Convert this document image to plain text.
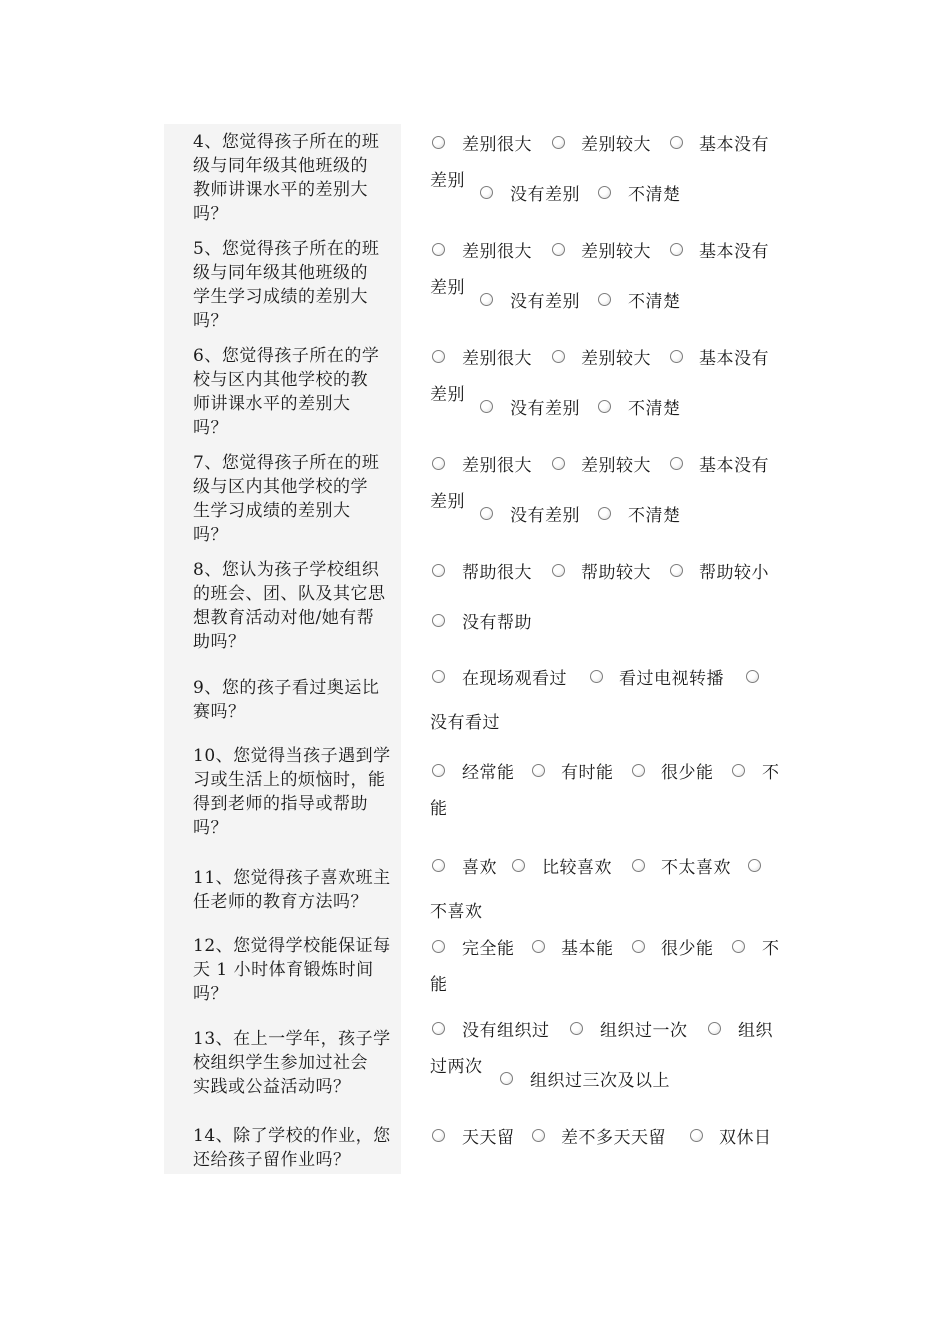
4、您觉得孩子所在的班
级与同年级其他班级的
教师讲课水平的差别大
吗？
差别很大	差别较大	基本没有
差别
没有差别	不清楚
5、您觉得孩子所在的班
级与同年级其他班级的
学生学习成绩的差别大
吗？
差别很大	差别较大	基本没有
差别
没有差别	不清楚
6、您觉得孩子所在的学
校与区内其他学校的教
师讲课水平的差别大
吗？
差别很大	差别较大	基本没有
差别
没有差别	不清楚
7、您觉得孩子所在的班
级与区内其他学校的学
生学习成绩的差别大
吗？
差别很大	差别较大	基本没有
差别
没有差别	不清楚
8、您认为孩子学校组织
的班会、团、队及其它思
想教育活动对他/她有帮
助吗？
帮助很大	帮助较大	帮助较小
没有帮助
9、您的孩子看过奥运比
赛吗？
在现场观看过	看过电视转播
没有看过
10、您觉得当孩子遇到学
习或生活上的烦恼时，能
得到老师的指导或帮助
吗？
经常能	有时能	很少能	不
能
11、您觉得孩子喜欢班主
任老师的教育方法吗？
喜欢	比较喜欢	不太喜欢
不喜欢
12、您觉得学校能保证每
天 1 小时体育锻炼时间
吗？
完全能	基本能	很少能	不
能
13、在上一学年，孩子学
校组织学生参加过社会
实践或公益活动吗？
没有组织过	组织过一次	组织
过两次
组织过三次及以上
14、除了学校的作业，您
还给孩子留作业吗？
天天留	差不多天天留	双休日
